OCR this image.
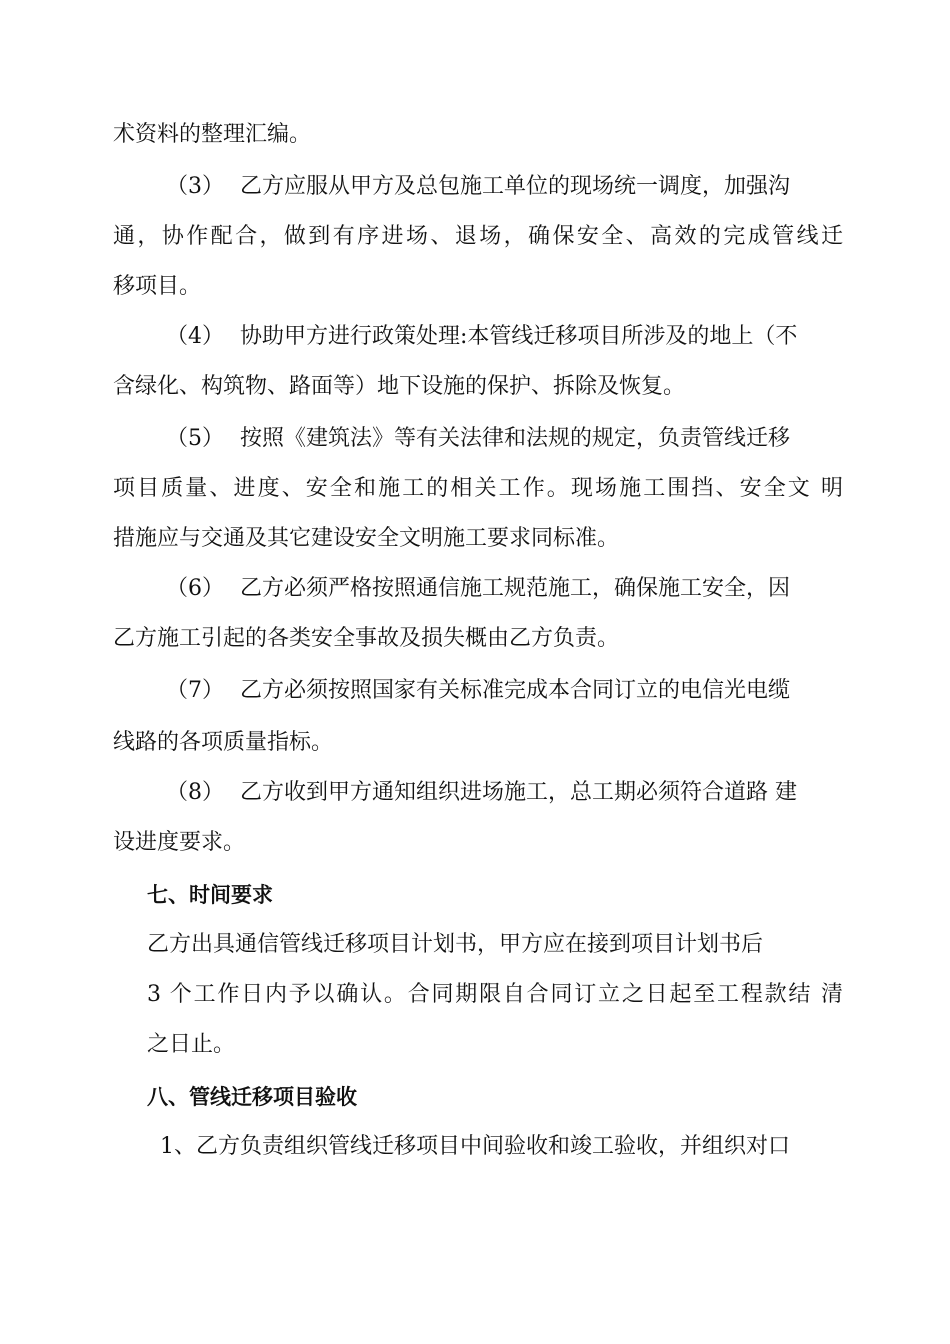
术资料的整理汇编。
（3） 乙方应服从甲方及总包施工单位的现场统一调度，加强沟
通，协作配合，做到有序进场、退场，确保安全、高效的完成管线迁
移项目。
（4） 协助甲方进行政策处理:本管线迁移项目所涉及的地上（不
含绿化、构筑物、路面等）地下设施的保护、拆除及恢复。
（5） 按照《建筑法》等有关法律和法规的规定，负责管线迁移
项目质量、进度、安全和施工的相关工作。现场施工围挡、安全文 明
措施应与交通及其它建设安全文明施工要求同标准。
（6） 乙方必须严格按照通信施工规范施工，确保施工安全，因
乙方施工引起的各类安全事故及损失概由乙方负责。
（7） 乙方必须按照国家有关标准完成本合同订立的电信光电缆
线路的各项质量指标。
（8） 乙方收到甲方通知组织进场施工，总工期必须符合道路 建
设进度要求。
七、时间要求
乙方出具通信管线迁移项目计划书，甲方应在接到项目计划书后
3 个工作日内予以确认。合同期限自合同订立之日起至工程款结 清
之日止。
八、管线迁移项目验收
1、乙方负责组织管线迁移项目中间验收和竣工验收，并组织对口
